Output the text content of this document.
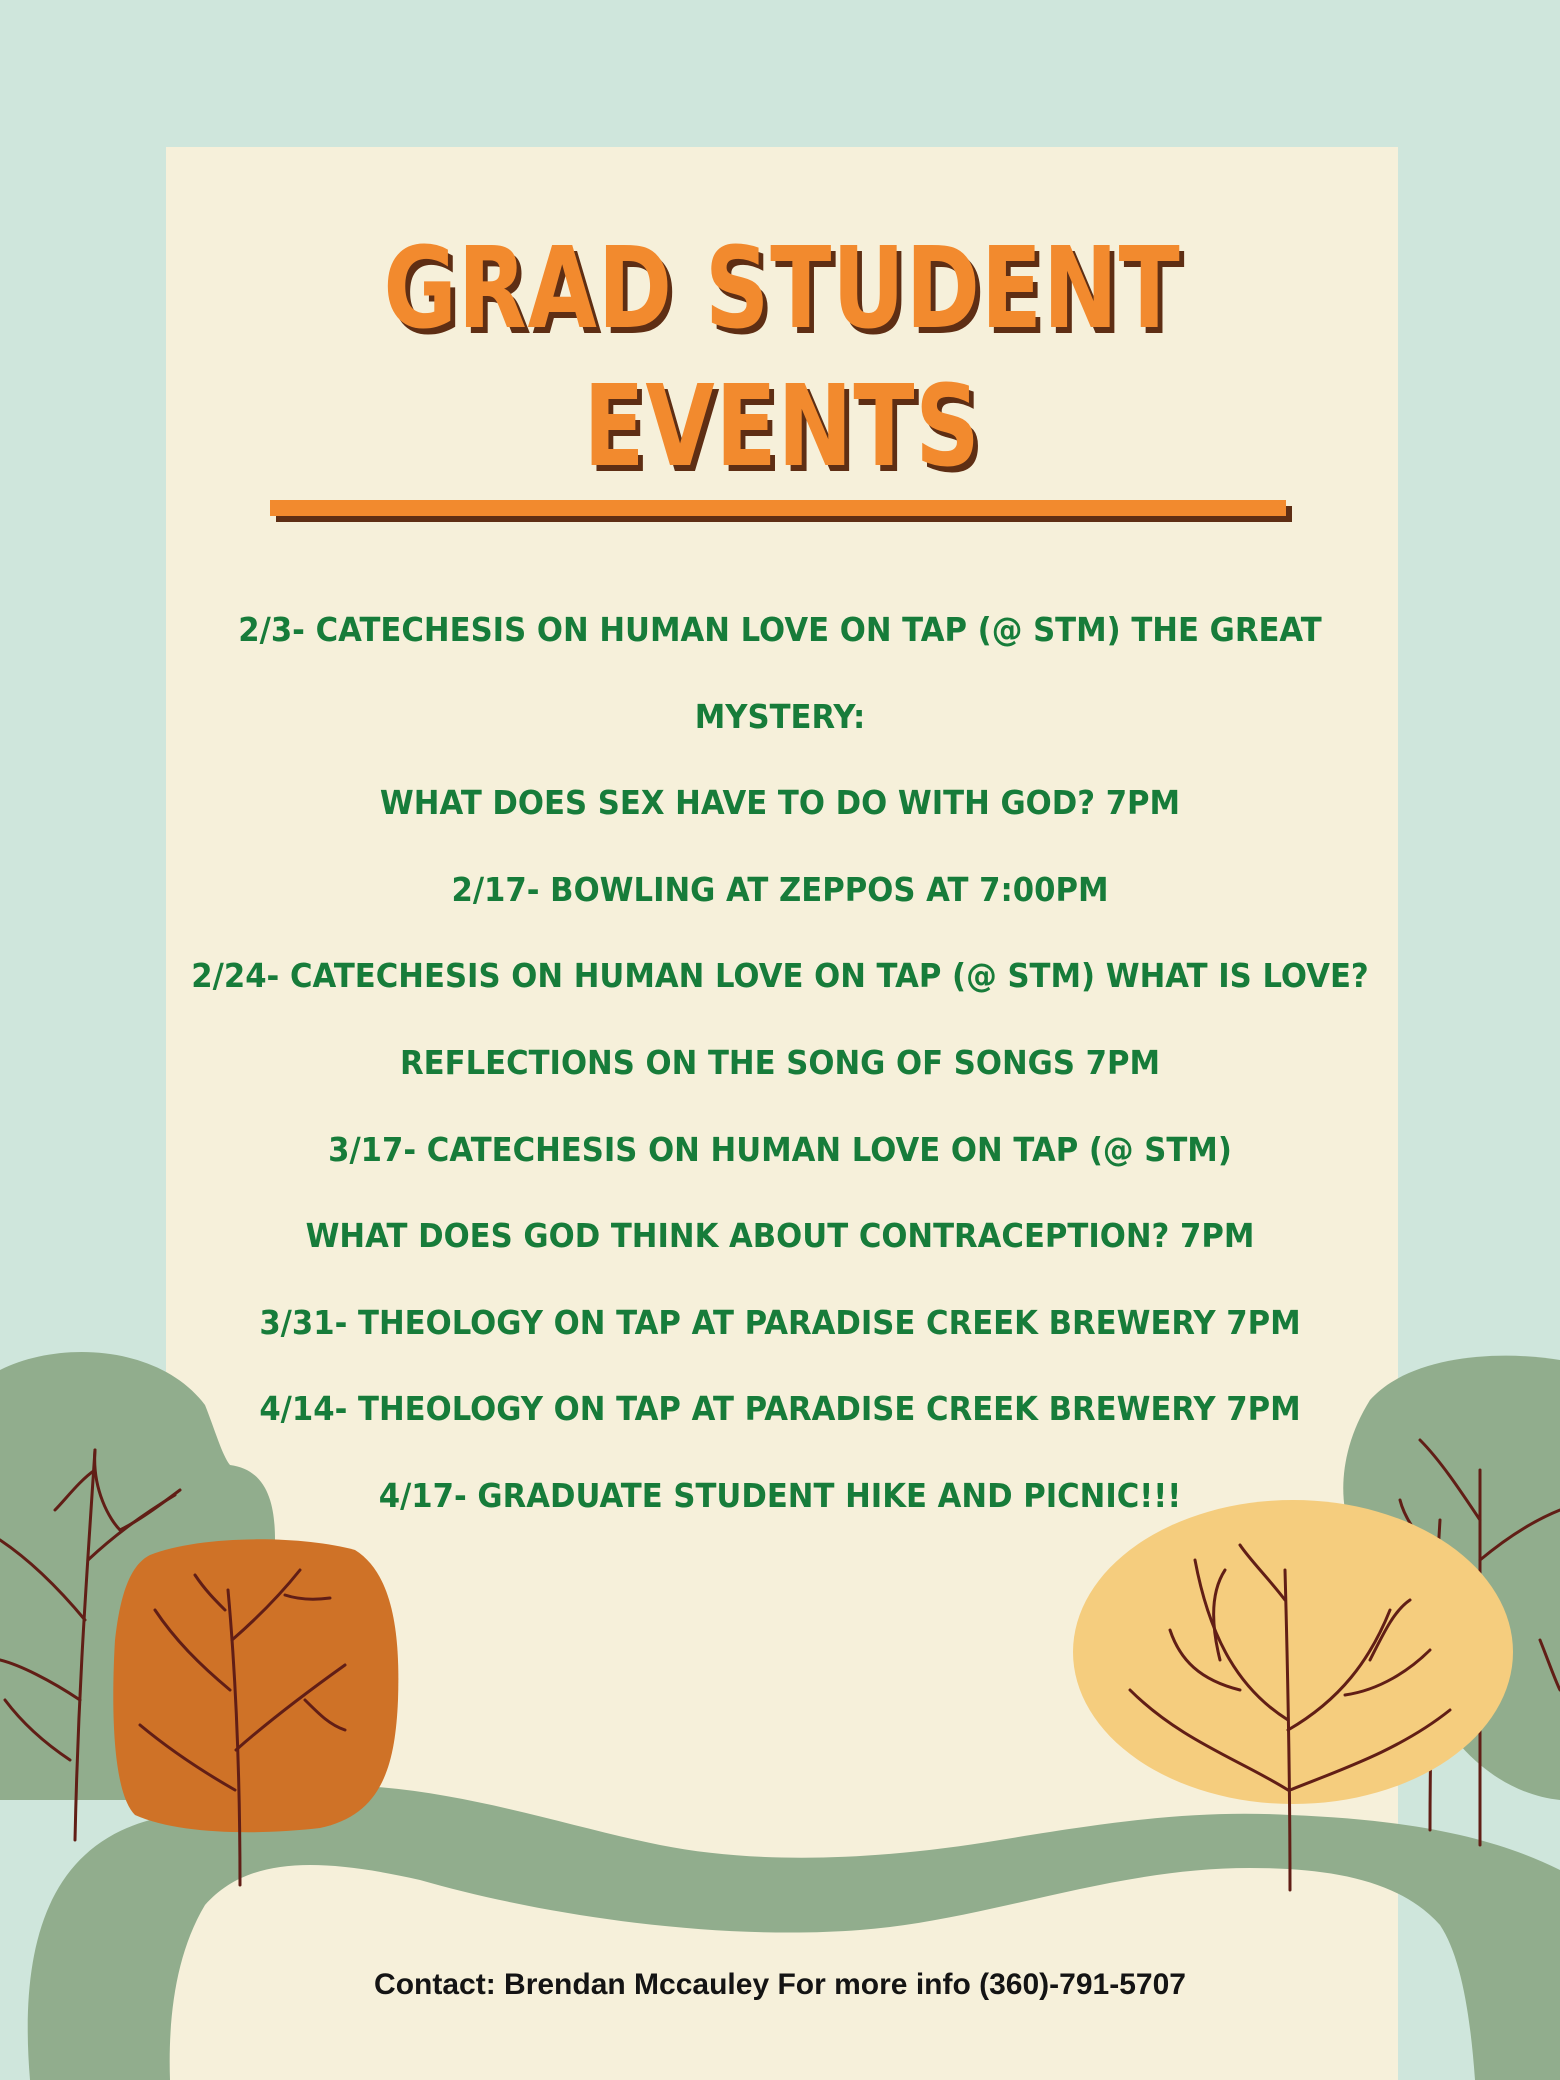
GRAD STUDENT
EVENTS
2/3- CATECHESIS ON HUMAN LOVE ON TAP (@ STM) THE GREAT
MYSTERY:
WHAT DOES SEX HAVE TO DO WITH GOD? 7PM
2/17- BOWLING AT ZEPPOS AT 7:00PM
2/24- CATECHESIS ON HUMAN LOVE ON TAP (@ STM) WHAT IS LOVE?
REFLECTIONS ON THE SONG OF SONGS 7PM
3/17- CATECHESIS ON HUMAN LOVE ON TAP (@ STM)
WHAT DOES GOD THINK ABOUT CONTRACEPTION? 7PM
3/31- THEOLOGY ON TAP AT PARADISE CREEK BREWERY 7PM
4/14- THEOLOGY ON TAP AT PARADISE CREEK BREWERY 7PM
4/17- GRADUATE STUDENT HIKE AND PICNIC!!!
Contact: Brendan Mccauley For more info (360)-791-5707
